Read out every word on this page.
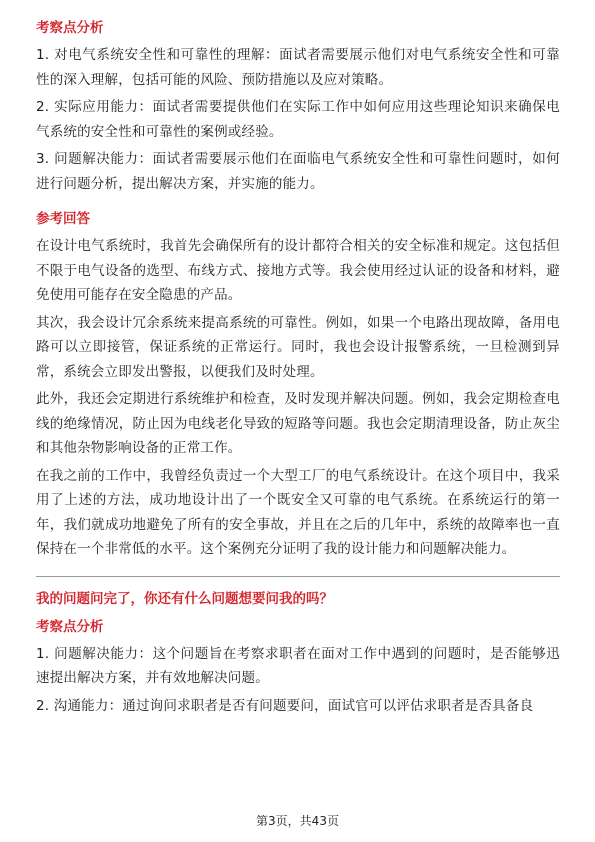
考察点分析
1. 对电气系统安全性和可靠性的理解：面试者需要展示他们对电气系统安全性和可靠性的深入理解，包括可能的风险、预防措施以及应对策略。
2. 实际应用能力：面试者需要提供他们在实际工作中如何应用这些理论知识来确保电气系统的安全性和可靠性的案例或经验。
3. 问题解决能力：面试者需要展示他们在面临电气系统安全性和可靠性问题时，如何进行问题分析，提出解决方案，并实施的能力。
参考回答
在设计电气系统时，我首先会确保所有的设计都符合相关的安全标准和规定。这包括但不限于电气设备的选型、布线方式、接地方式等。我会使用经过认证的设备和材料，避免使用可能存在安全隐患的产品。
其次，我会设计冗余系统来提高系统的可靠性。例如，如果一个电路出现故障，备用电路可以立即接管，保证系统的正常运行。同时，我也会设计报警系统，一旦检测到异常，系统会立即发出警报，以便我们及时处理。
此外，我还会定期进行系统维护和检查，及时发现并解决问题。例如，我会定期检查电线的绝缘情况，防止因为电线老化导致的短路等问题。我也会定期清理设备，防止灰尘和其他杂物影响设备的正常工作。
在我之前的工作中，我曾经负责过一个大型工厂的电气系统设计。在这个项目中，我采用了上述的方法，成功地设计出了一个既安全又可靠的电气系统。在系统运行的第一年，我们就成功地避免了所有的安全事故，并且在之后的几年中，系统的故障率也一直保持在一个非常低的水平。这个案例充分证明了我的设计能力和问题解决能力。
我的问题问完了，你还有什么问题想要问我的吗？
考察点分析
1. 问题解决能力：这个问题旨在考察求职者在面对工作中遇到的问题时，是否能够迅速提出解决方案，并有效地解决问题。
2. 沟通能力：通过询问求职者是否有问题要问，面试官可以评估求职者是否具备良
第3页，共43页
